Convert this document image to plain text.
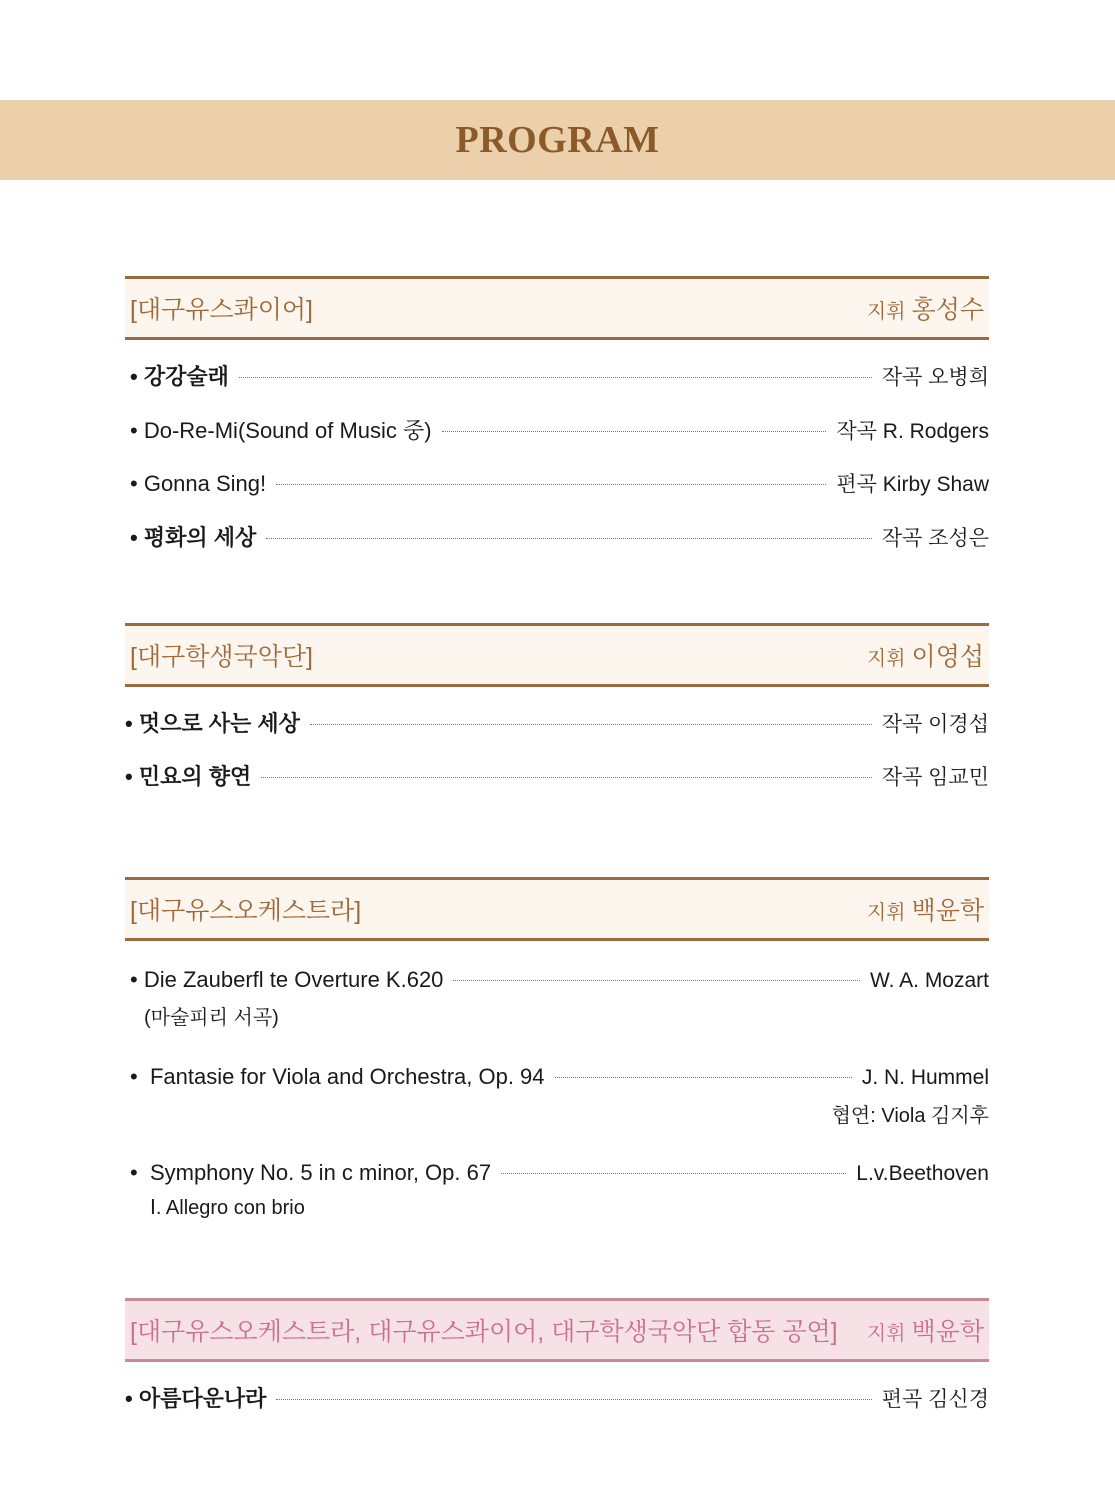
PROGRAM
[대구유스콰이어]	지휘 홍성수
• 강강술래	작곡 오병희
• Do-Re-Mi(Sound of Music 중)	작곡 R. Rodgers
• Gonna Sing!	편곡 Kirby Shaw
• 평화의 세상	작곡 조성은
[대구학생국악단]	지휘 이영섭
• 멋으로 사는 세상	작곡 이경섭
• 민요의 향연	작곡 임교민
[대구유스오케스트라]	지휘 백윤학
• Die Zauberfl te Overture K.620	W. A. Mozart
(마술피리 서곡)
•  Fantasie for Viola and Orchestra, Op. 94	J. N. Hummel
협연: Viola 김지후
•  Symphony No. 5 in c minor, Op. 67	L.v.Beethoven
Ⅰ. Allegro con brio
[대구유스오케스트라, 대구유스콰이어, 대구학생국악단 합동 공연] 지휘 백윤학
• 아름다운나라	편곡 김신경
